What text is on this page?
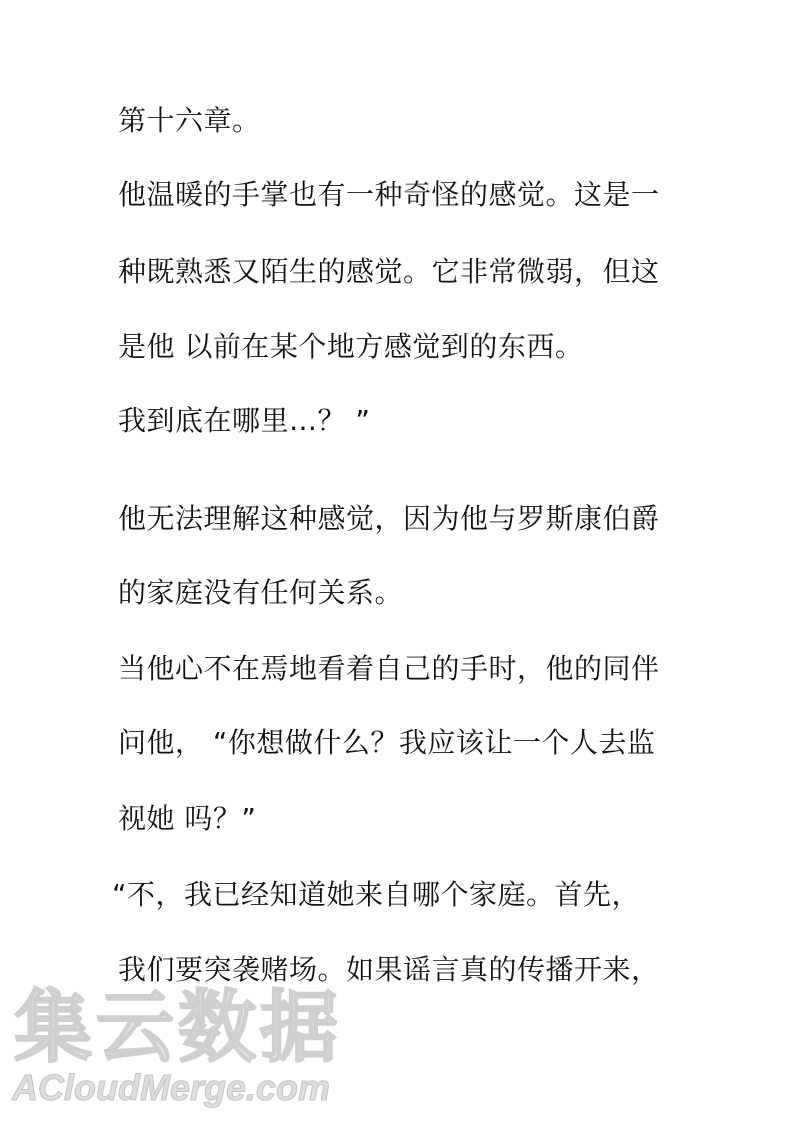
第十六章。
他温暖的手掌也有一种奇怪的感觉。这是一
种既熟悉又陌生的感觉。它非常微弱，但这
是他 以前在某个地方感觉到的东西。
我到底在哪里…？ ”
他无法理解这种感觉，因为他与罗斯康伯爵
的家庭没有任何关系。
当他心不在焉地看着自己的手时，他的同伴
问他， “你想做什么？我应该让一个人去监
视她 吗？”
“不，我已经知道她来自哪个家庭。首先，
我们要突袭赌场。如果谣言真的传播开来，
集云数据
ACloudMerge.com
